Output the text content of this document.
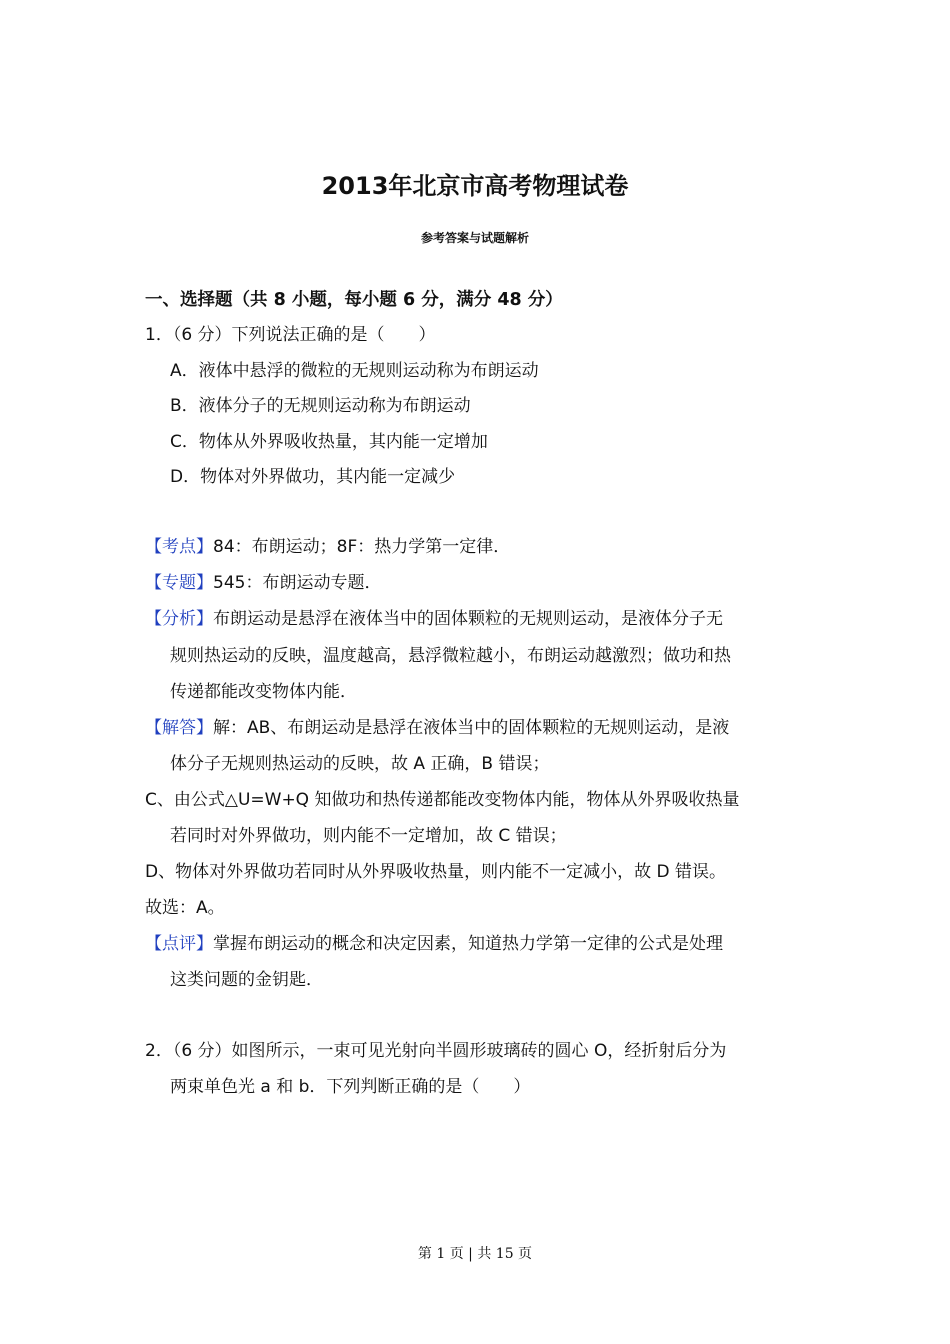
2013年北京市高考物理试卷
参考答案与试题解析
一、选择题（共 8 小题，每小题 6 分，满分 48 分）
1．（6 分）下列说法正确的是（　　）
A．液体中悬浮的微粒的无规则运动称为布朗运动
B．液体分子的无规则运动称为布朗运动
C．物体从外界吸收热量，其内能一定增加
D．物体对外界做功，其内能一定减少
【考点】84：布朗运动；8F：热力学第一定律．
【专题】545：布朗运动专题．
【分析】布朗运动是悬浮在液体当中的固体颗粒的无规则运动，是液体分子无
规则热运动的反映，温度越高，悬浮微粒越小，布朗运动越激烈；做功和热
传递都能改变物体内能．
【解答】解：AB、布朗运动是悬浮在液体当中的固体颗粒的无规则运动，是液
体分子无规则热运动的反映，故 A 正确，B 错误；
C、由公式△U=W+Q 知做功和热传递都能改变物体内能，物体从外界吸收热量
若同时对外界做功，则内能不一定增加，故 C 错误；
D、物体对外界做功若同时从外界吸收热量，则内能不一定减小，故 D 错误。
故选：A。
【点评】掌握布朗运动的概念和决定因素，知道热力学第一定律的公式是处理
这类问题的金钥匙．
2．（6 分）如图所示，一束可见光射向半圆形玻璃砖的圆心 O，经折射后分为
两束单色光 a 和 b．下列判断正确的是（　　）
第 1 页 | 共 15 页
